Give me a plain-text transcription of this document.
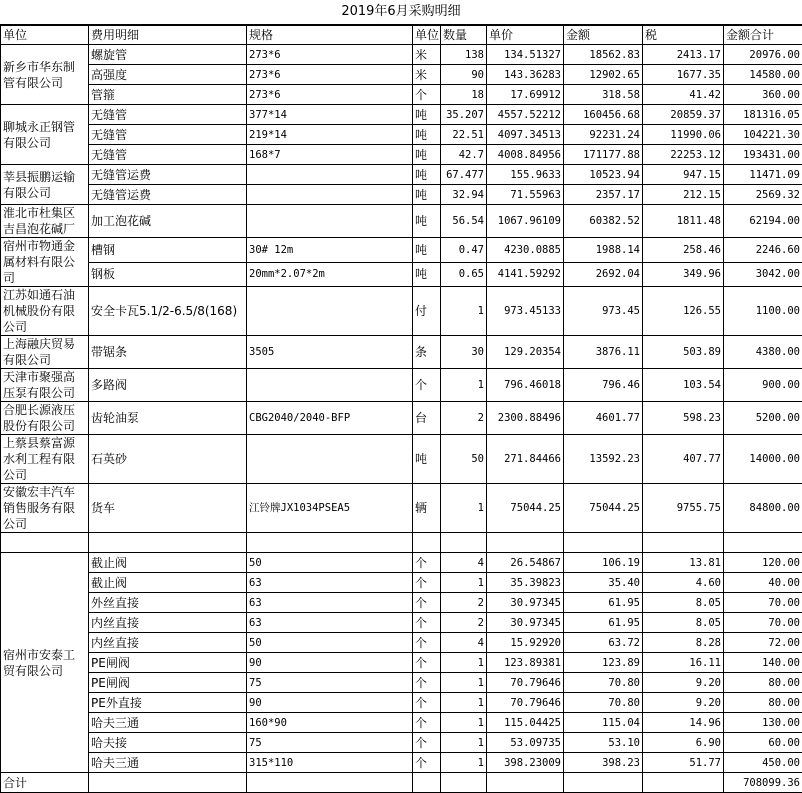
2019年6月采购明细
单位	费用明细	规格	单位	数量	单价	金额	税	金额合计
新乡市华东制管有限公司	螺旋管	273*6	米	138	134.51327	18562.83	2413.17	20976.00
	高强度	273*6	米	90	143.36283	12902.65	1677.35	14580.00
	管箍	273*6	个	18	17.69912	318.58	41.42	360.00
聊城永正钢管有限公司	无缝管	377*14	吨	35.207	4557.52212	160456.68	20859.37	181316.05
	无缝管	219*14	吨	22.51	4097.34513	92231.24	11990.06	104221.30
	无缝管	168*7	吨	42.7	4008.84956	171177.88	22253.12	193431.00
莘县振鹏运输有限公司	无缝管运费		吨	67.477	155.9633	10523.94	947.15	11471.09
	无缝管运费		吨	32.94	71.55963	2357.17	212.15	2569.32
淮北市杜集区吉昌泡花碱厂	加工泡花碱		吨	56.54	1067.96109	60382.52	1811.48	62194.00
宿州市物通金属材料有限公司	槽钢	30# 12m	吨	0.47	4230.0885	1988.14	258.46	2246.60
	钢板	20mm*2.07*2m	吨	0.65	4141.59292	2692.04	349.96	3042.00
江苏如通石油机械股份有限公司	安全卡瓦5.1/2-6.5/8(168)		付	1	973.45133	973.45	126.55	1100.00
上海融庆贸易有限公司	带锯条	3505	条	30	129.20354	3876.11	503.89	4380.00
天津市聚强高压泵有限公司	多路阀		个	1	796.46018	796.46	103.54	900.00
合肥长源液压股份有限公司	齿轮油泵	CBG2040/2040-BFP	台	2	2300.88496	4601.77	598.23	5200.00
上蔡县蔡富源水利工程有限公司	石英砂		吨	50	271.84466	13592.23	407.77	14000.00
安徽宏丰汽车销售服务有限公司	货车	江铃牌JX1034PSEA5	辆	1	75044.25	75044.25	9755.75	84800.00

宿州市安泰工贸有限公司	截止阀	50	个	4	26.54867	106.19	13.81	120.00
	截止阀	63	个	1	35.39823	35.40	4.60	40.00
	外丝直接	63	个	2	30.97345	61.95	8.05	70.00
	内丝直接	63	个	2	30.97345	61.95	8.05	70.00
	内丝直接	50	个	4	15.92920	63.72	8.28	72.00
	PE闸阀	90	个	1	123.89381	123.89	16.11	140.00
	PE闸阀	75	个	1	70.79646	70.80	9.20	80.00
	PE外直接	90	个	1	70.79646	70.80	9.20	80.00
	哈夫三通	160*90	个	1	115.04425	115.04	14.96	130.00
	哈夫接	75	个	1	53.09735	53.10	6.90	60.00
	哈夫三通	315*110	个	1	398.23009	398.23	51.77	450.00
合计								708099.36
